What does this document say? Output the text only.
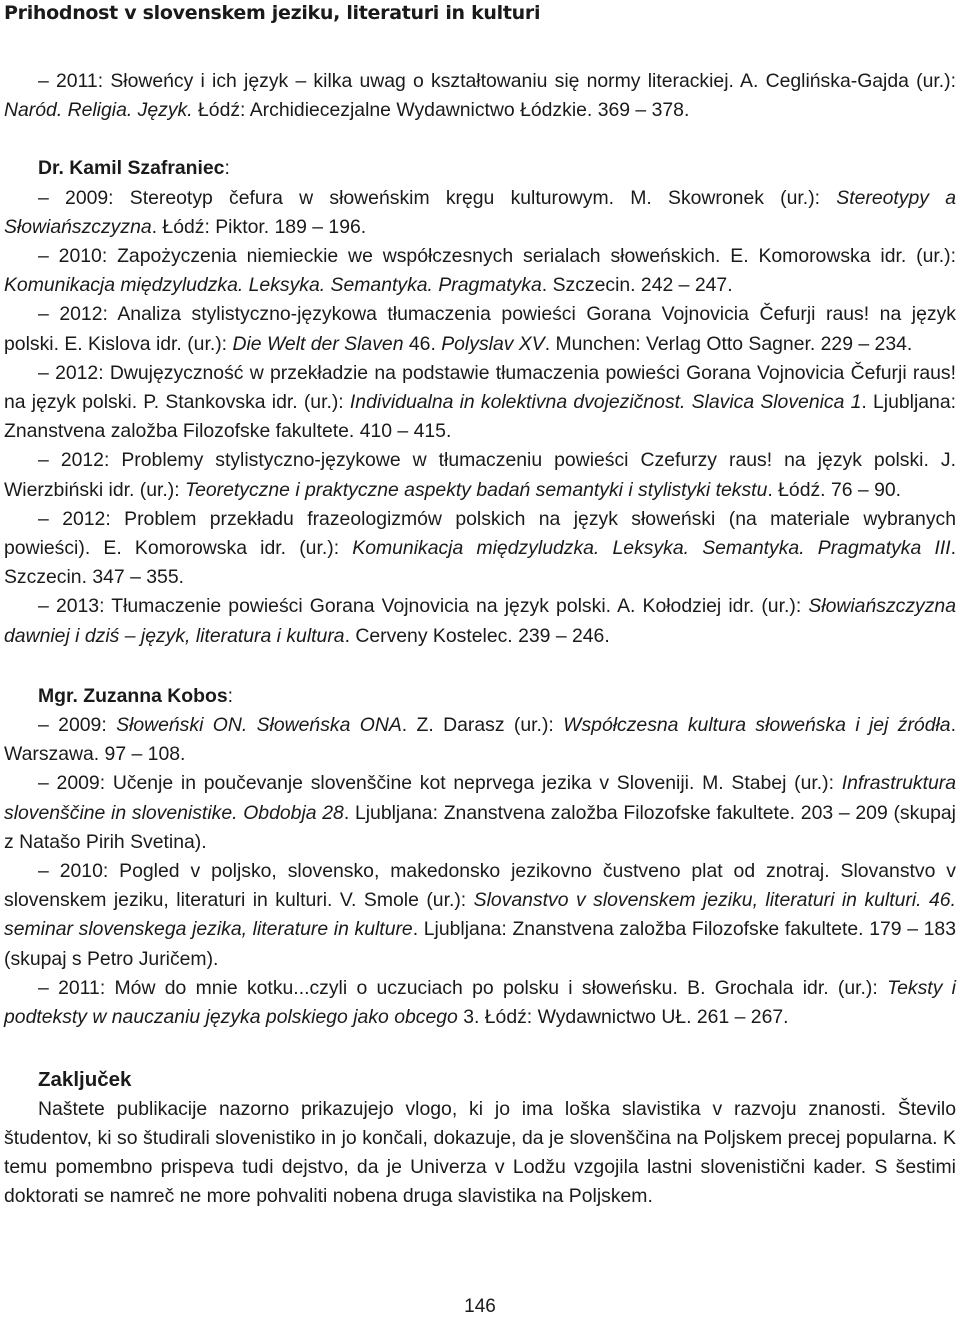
Prihodnost v slovenskem jeziku, literaturi in kulturi

– 2011: Słoweńcy i ich język – kilka uwag o kształtowaniu się normy literackiej. A. Ceglińska-Gajda (ur.): Naród. Religia. Język. Łódź: Archidiecezjalne Wydawnictwo Łódzkie. 369 – 378.

Dr. Kamil Szafraniec:

– 2009: Stereotyp čefura w słoweńskim kręgu kulturowym. M. Skowronek (ur.): Stereotypy a Słowiańszczyzna. Łódź: Piktor. 189 – 196.

– 2010: Zapożyczenia niemieckie we współczesnych serialach słoweńskich. E. Komorowska idr. (ur.): Komunikacja międzyludzka. Leksyka. Semantyka. Pragmatyka. Szczecin. 242 – 247.

– 2012: Analiza stylistyczno-językowa tłumaczenia powieści Gorana Vojnovicia Čefurji raus! na język polski. E. Kislova idr. (ur.): Die Welt der Slaven 46. Polyslav XV. Munchen: Verlag Otto Sagner. 229 – 234.

– 2012: Dwujęzyczność w przekładzie na podstawie tłumaczenia powieści Gorana Vojnovicia Čefurji raus! na język polski. P. Stankovska idr. (ur.): Individualna in kolektivna dvojezičnost. Slavica Slovenica 1. Ljubljana: Znanstvena založba Filozofske fakultete. 410 – 415.

– 2012: Problemy stylistyczno-językowe w tłumaczeniu powieści Czefurzy raus! na język polski. J. Wierzbiński idr. (ur.): Teoretyczne i praktyczne aspekty badań semantyki i stylistyki tekstu. Łódź. 76 – 90.

– 2012: Problem przekładu frazeologizmów polskich na język słoweński (na materiale wybranych powieści). E. Komorowska idr. (ur.): Komunikacja międzyludzka. Leksyka. Semantyka. Pragmatyka III. Szczecin. 347 – 355.

– 2013: Tłumaczenie powieści Gorana Vojnovicia na język polski. A. Kołodziej idr. (ur.): Słowiańszczyzna dawniej i dziś – język, literatura i kultura. Cerveny Kostelec. 239 – 246.

Mgr. Zuzanna Kobos:

– 2009: Słoweński ON. Słoweńska ONA. Z. Darasz (ur.): Współczesna kultura słoweńska i jej źródła. Warszawa. 97 – 108.

– 2009: Učenje in poučevanje slovenščine kot neprvega jezika v Sloveniji. M. Stabej (ur.): Infrastruktura slovenščine in slovenistike. Obdobja 28. Ljubljana: Znanstvena založba Filozofske fakultete. 203 – 209 (skupaj z Natašo Pirih Svetina).

– 2010: Pogled v poljsko, slovensko, makedonsko jezikovno čustveno plat od znotraj. Slovanstvo v slovenskem jeziku, literaturi in kulturi. V. Smole (ur.): Slovanstvo v slovenskem jeziku, literaturi in kulturi. 46. seminar slovenskega jezika, literature in kulture. Ljubljana: Znanstvena založba Filozofske fakultete. 179 – 183 (skupaj s Petro Juričem).

– 2011: Mów do mnie kotku...czyli o uczuciach po polsku i słoweńsku. B. Grochala idr. (ur.): Teksty i podteksty w nauczaniu języka polskiego jako obcego 3. Łódź: Wydawnictwo UŁ. 261 – 267.

Zaključek

Naštete publikacije nazorno prikazujejo vlogo, ki jo ima loška slavistika v razvoju znanosti. Število študentov, ki so študirali slovenistiko in jo končali, dokazuje, da je slovenščina na Poljskem precej popularna. K temu pomembno prispeva tudi dejstvo, da je Univerza v Lodžu vzgojila lastni slovenistični kader. S šestimi doktorati se namreč ne more pohvaliti nobena druga slavistika na Poljskem.

146
